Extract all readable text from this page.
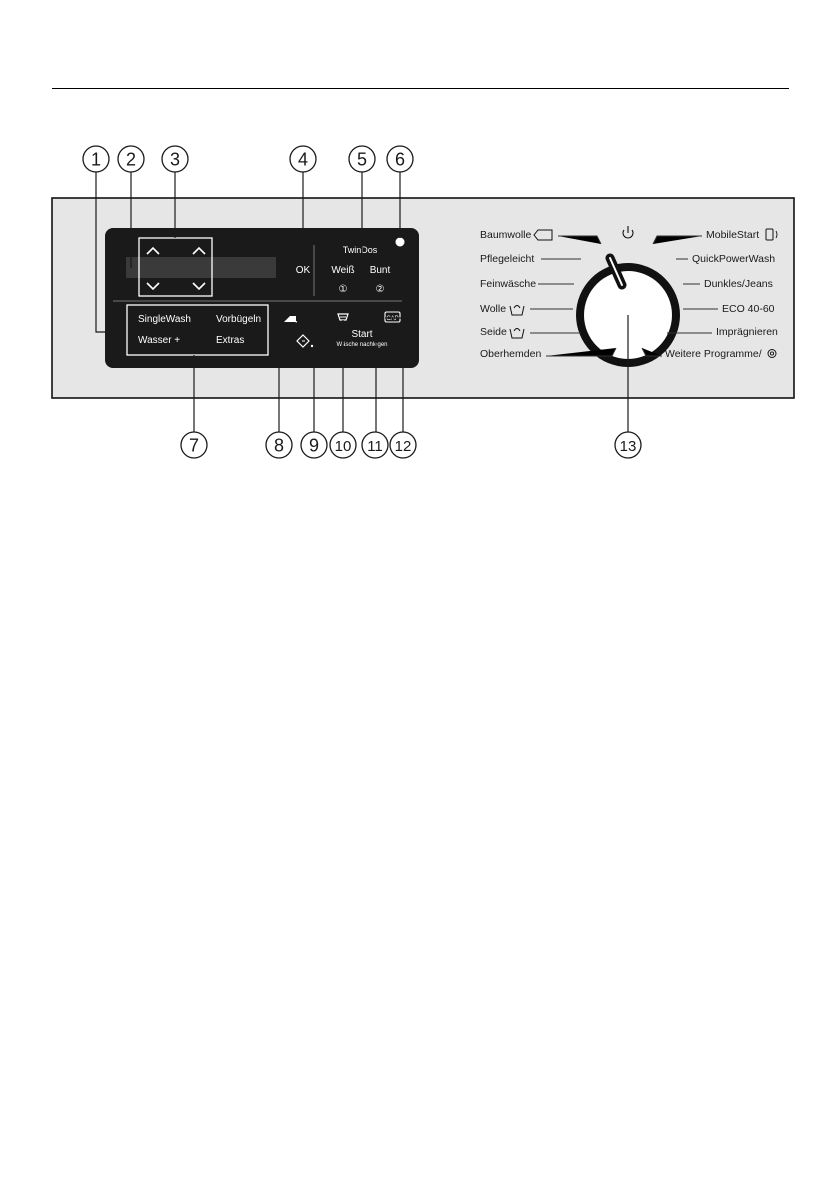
OK
TwinDos
Weiß Bunt
①	②
SingleWash	Vorbügeln
Wasser +	Extras
Start
Wäsche nachlegen
CAP
Baumwolle
Pflegeleicht
Feinwäsche
Wolle
Seide
Oberhemden
MobileStart
QuickPowerWash
Dunkles/Jeans
ECO 40-60
Imprägnieren
Weitere Programme/
1 2 3	4	5 6
7	8 9 10 11 12	13
